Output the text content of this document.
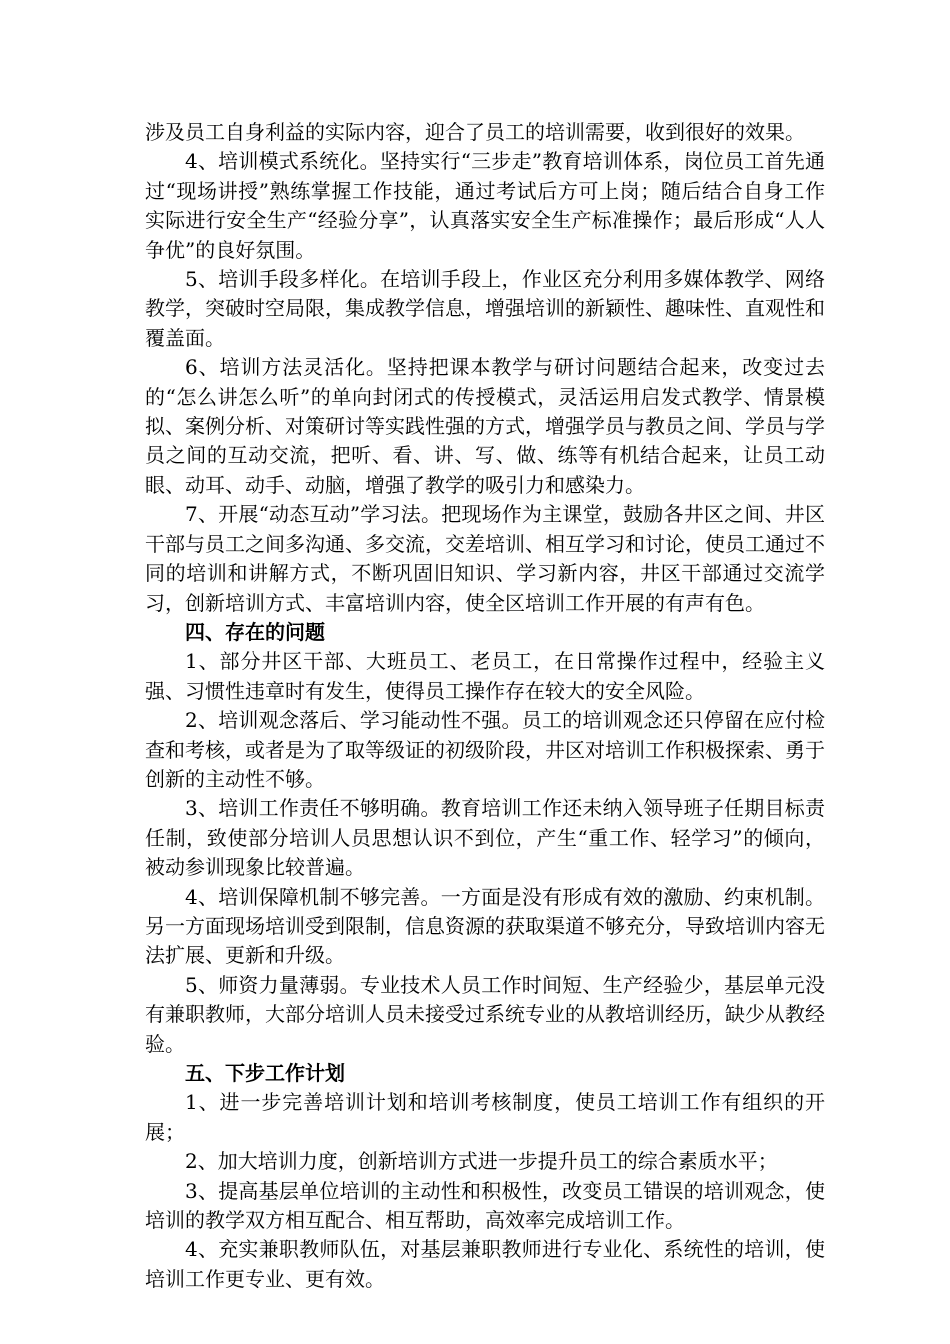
涉及员工自身利益的实际内容，迎合了员工的培训需要，收到很好的效果。

4、培训模式系统化。坚持实行“三步走”教育培训体系，岗位员工首先通过“现场讲授”熟练掌握工作技能，通过考试后方可上岗；随后结合自身工作实际进行安全生产“经验分享”，认真落实安全生产标准操作；最后形成“人人争优”的良好氛围。

5、培训手段多样化。在培训手段上，作业区充分利用多媒体教学、网络教学，突破时空局限，集成教学信息，增强培训的新颖性、趣味性、直观性和覆盖面。

6、培训方法灵活化。坚持把课本教学与研讨问题结合起来，改变过去的“怎么讲怎么听”的单向封闭式的传授模式，灵活运用启发式教学、情景模拟、案例分析、对策研讨等实践性强的方式，增强学员与教员之间、学员与学员之间的互动交流，把听、看、讲、写、做、练等有机结合起来，让员工动眼、动耳、动手、动脑，增强了教学的吸引力和感染力。

7、开展“动态互动”学习法。把现场作为主课堂，鼓励各井区之间、井区干部与员工之间多沟通、多交流，交差培训、相互学习和讨论，使员工通过不同的培训和讲解方式，不断巩固旧知识、学习新内容，井区干部通过交流学习，创新培训方式、丰富培训内容，使全区培训工作开展的有声有色。

四、存在的问题

1、部分井区干部、大班员工、老员工，在日常操作过程中，经验主义强、习惯性违章时有发生，使得员工操作存在较大的安全风险。

2、培训观念落后、学习能动性不强。员工的培训观念还只停留在应付检查和考核，或者是为了取等级证的初级阶段，井区对培训工作积极探索、勇于创新的主动性不够。

3、培训工作责任不够明确。教育培训工作还未纳入领导班子任期目标责任制，致使部分培训人员思想认识不到位，产生“重工作、轻学习”的倾向，被动参训现象比较普遍。

4、培训保障机制不够完善。一方面是没有形成有效的激励、约束机制。另一方面现场培训受到限制，信息资源的获取渠道不够充分，导致培训内容无法扩展、更新和升级。

5、师资力量薄弱。专业技术人员工作时间短、生产经验少，基层单元没有兼职教师，大部分培训人员未接受过系统专业的从教培训经历，缺少从教经验。

五、下步工作计划

1、进一步完善培训计划和培训考核制度，使员工培训工作有组织的开展；

2、加大培训力度，创新培训方式进一步提升员工的综合素质水平；

3、提高基层单位培训的主动性和积极性，改变员工错误的培训观念，使培训的教学双方相互配合、相互帮助，高效率完成培训工作。

4、充实兼职教师队伍，对基层兼职教师进行专业化、系统性的培训，使培训工作更专业、更有效。
